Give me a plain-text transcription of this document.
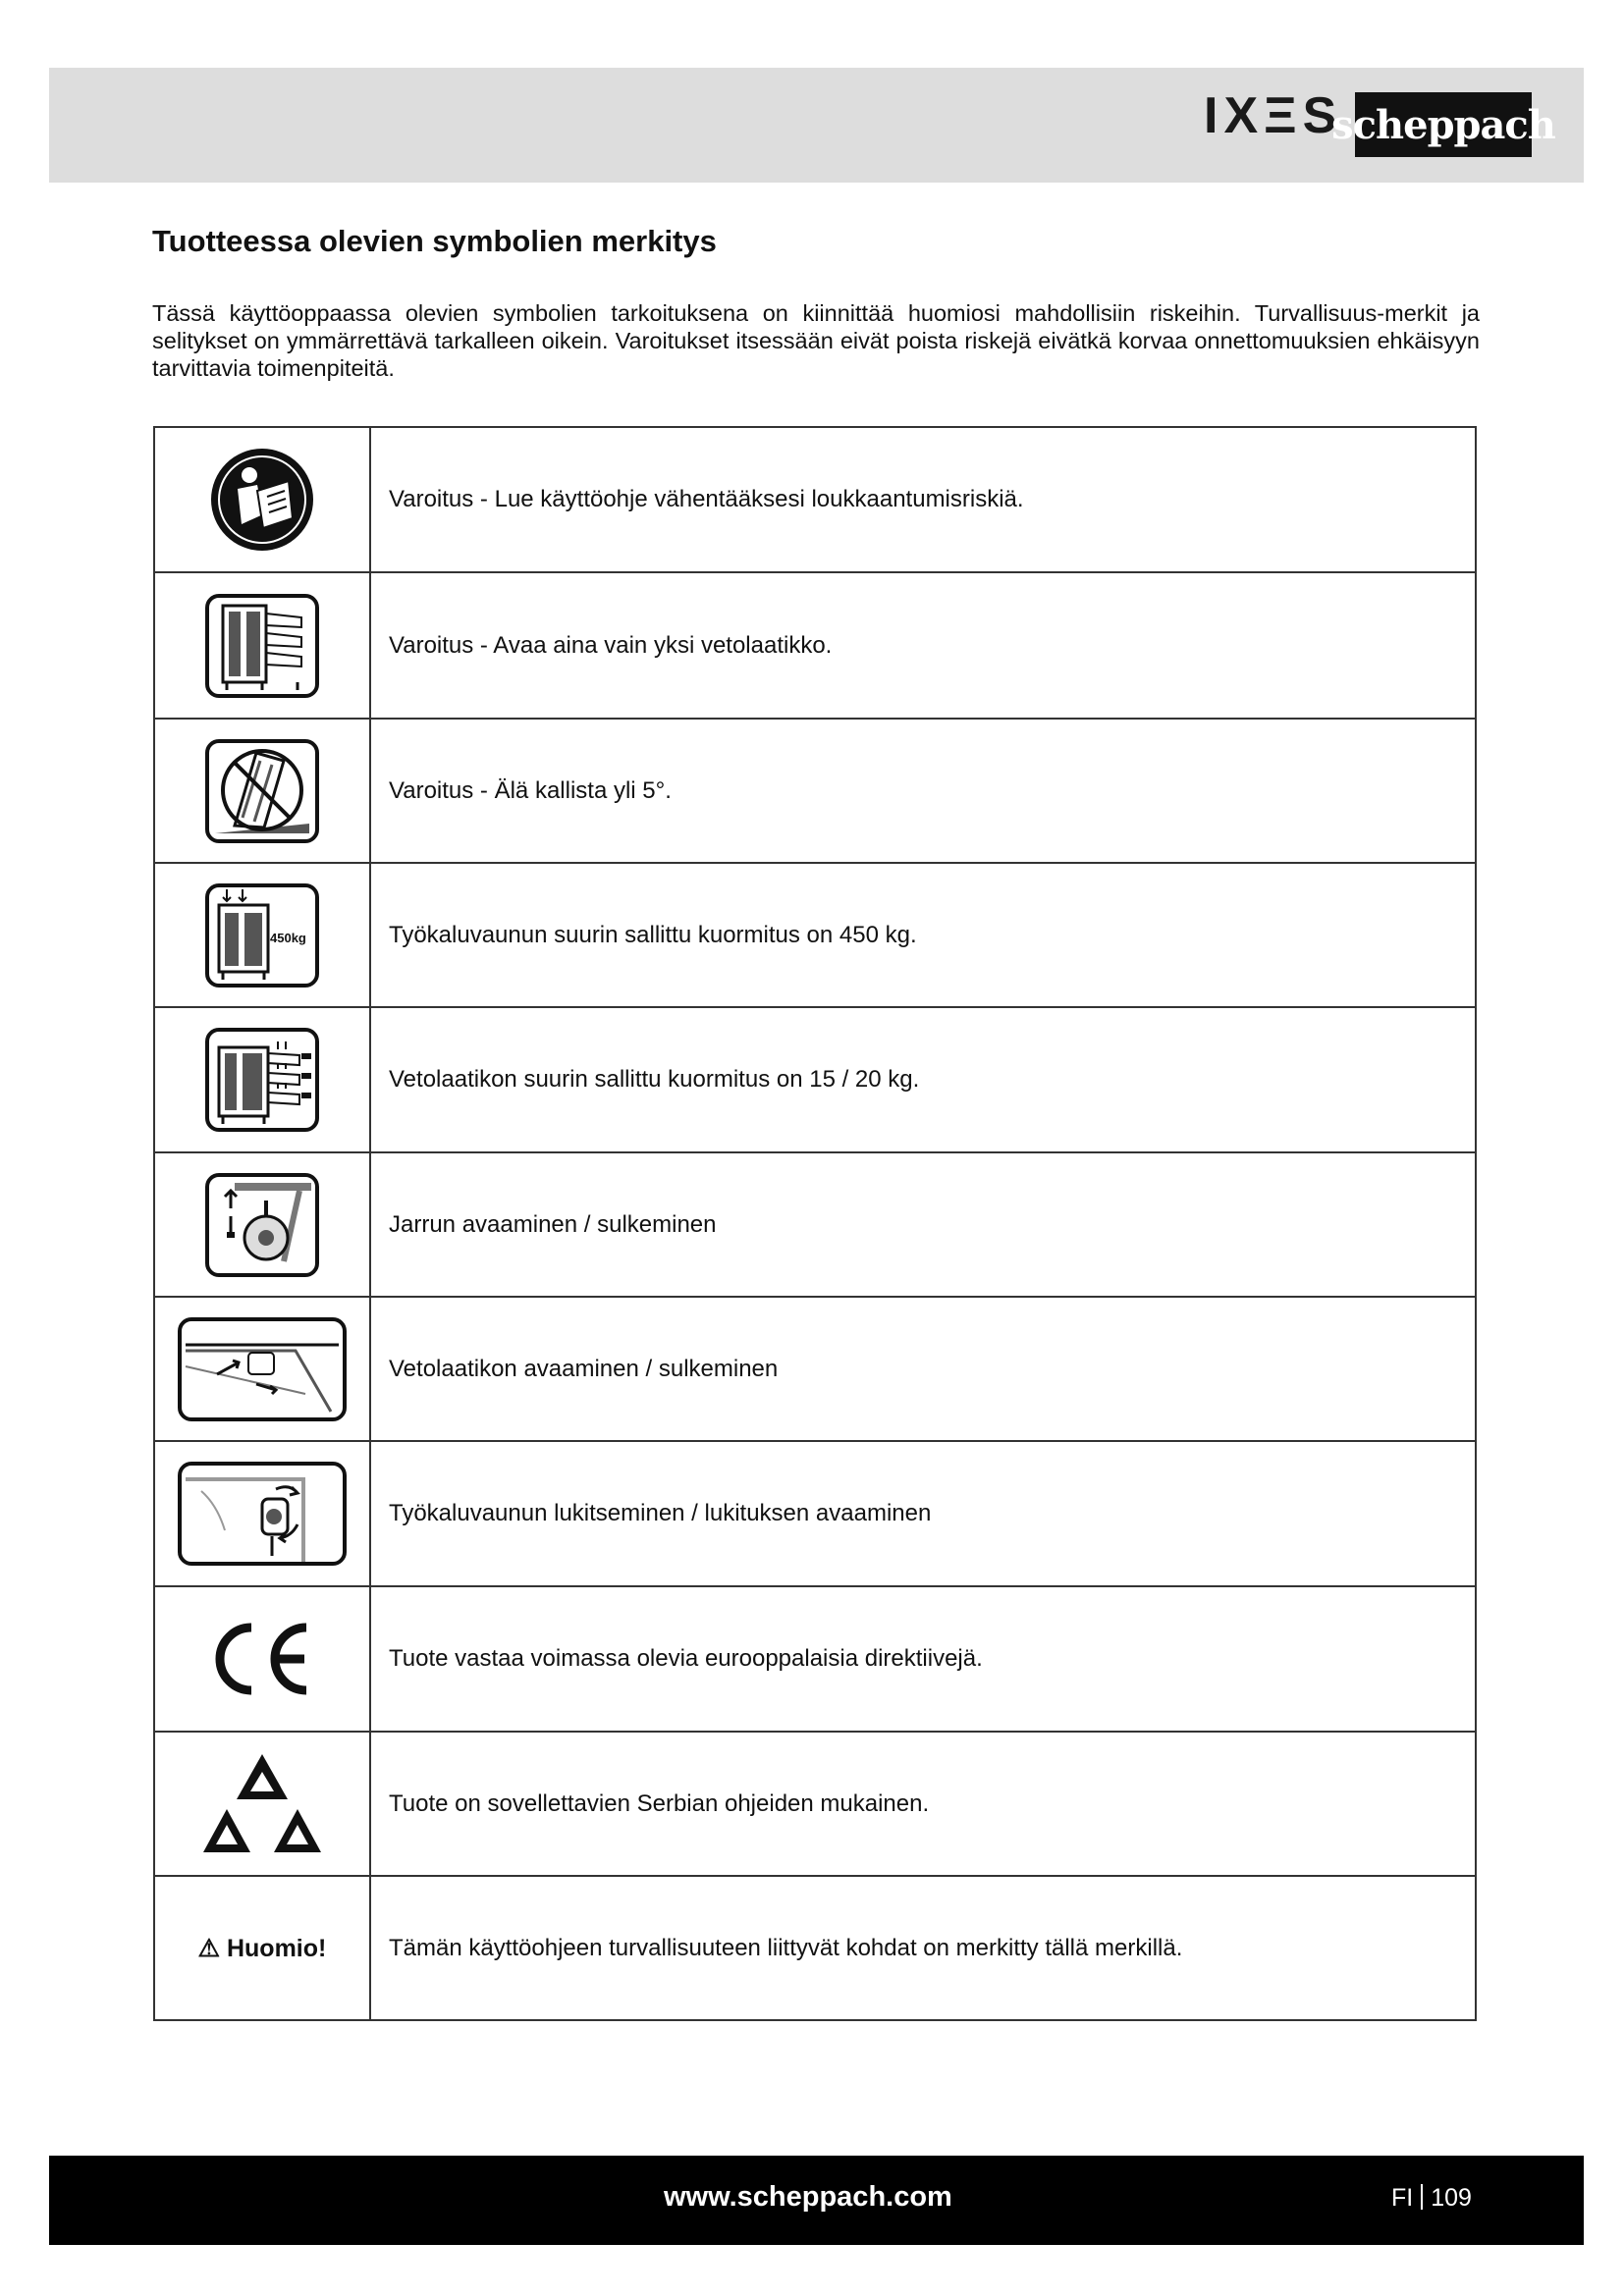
IXΞS
scheppach
Tuotteessa olevien symbolien merkitys

Tässä käyttöoppaassa olevien symbolien tarkoituksena on kiinnittää huomiosi mahdollisiin riskeihin. Turvallisuus-merkit ja selitykset on ymmärrettävä tarkalleen oikein. Varoitukset itsessään eivät poista riskejä eivätkä korvaa onnettomuuksien ehkäisyyn tarvittavia toimenpiteitä.

	Varoitus - Lue käyttöohje vähentääksesi loukkaantumisriskiä.

	Varoitus - Avaa aina vain yksi vetolaatikko.

	Varoitus - Älä kallista yli 5°.

450kg	Työkaluvaunun suurin sallittu kuormitus on 450 kg.

	Vetolaatikon suurin sallittu kuormitus on 15 / 20 kg.

	Jarrun avaaminen / sulkeminen

	Vetolaatikon avaaminen / sulkeminen

	Työkaluvaunun lukitseminen / lukituksen avaaminen

	Tuote vastaa voimassa olevia eurooppalaisia direktiivejä.

	Tuote on sovellettavien Serbian ohjeiden mukainen.
⚠ Huomio!	Tämän käyttöohjeen turvallisuuteen liittyvät kohdat on merkitty tällä merkillä.
www.scheppach.com	FI 109
